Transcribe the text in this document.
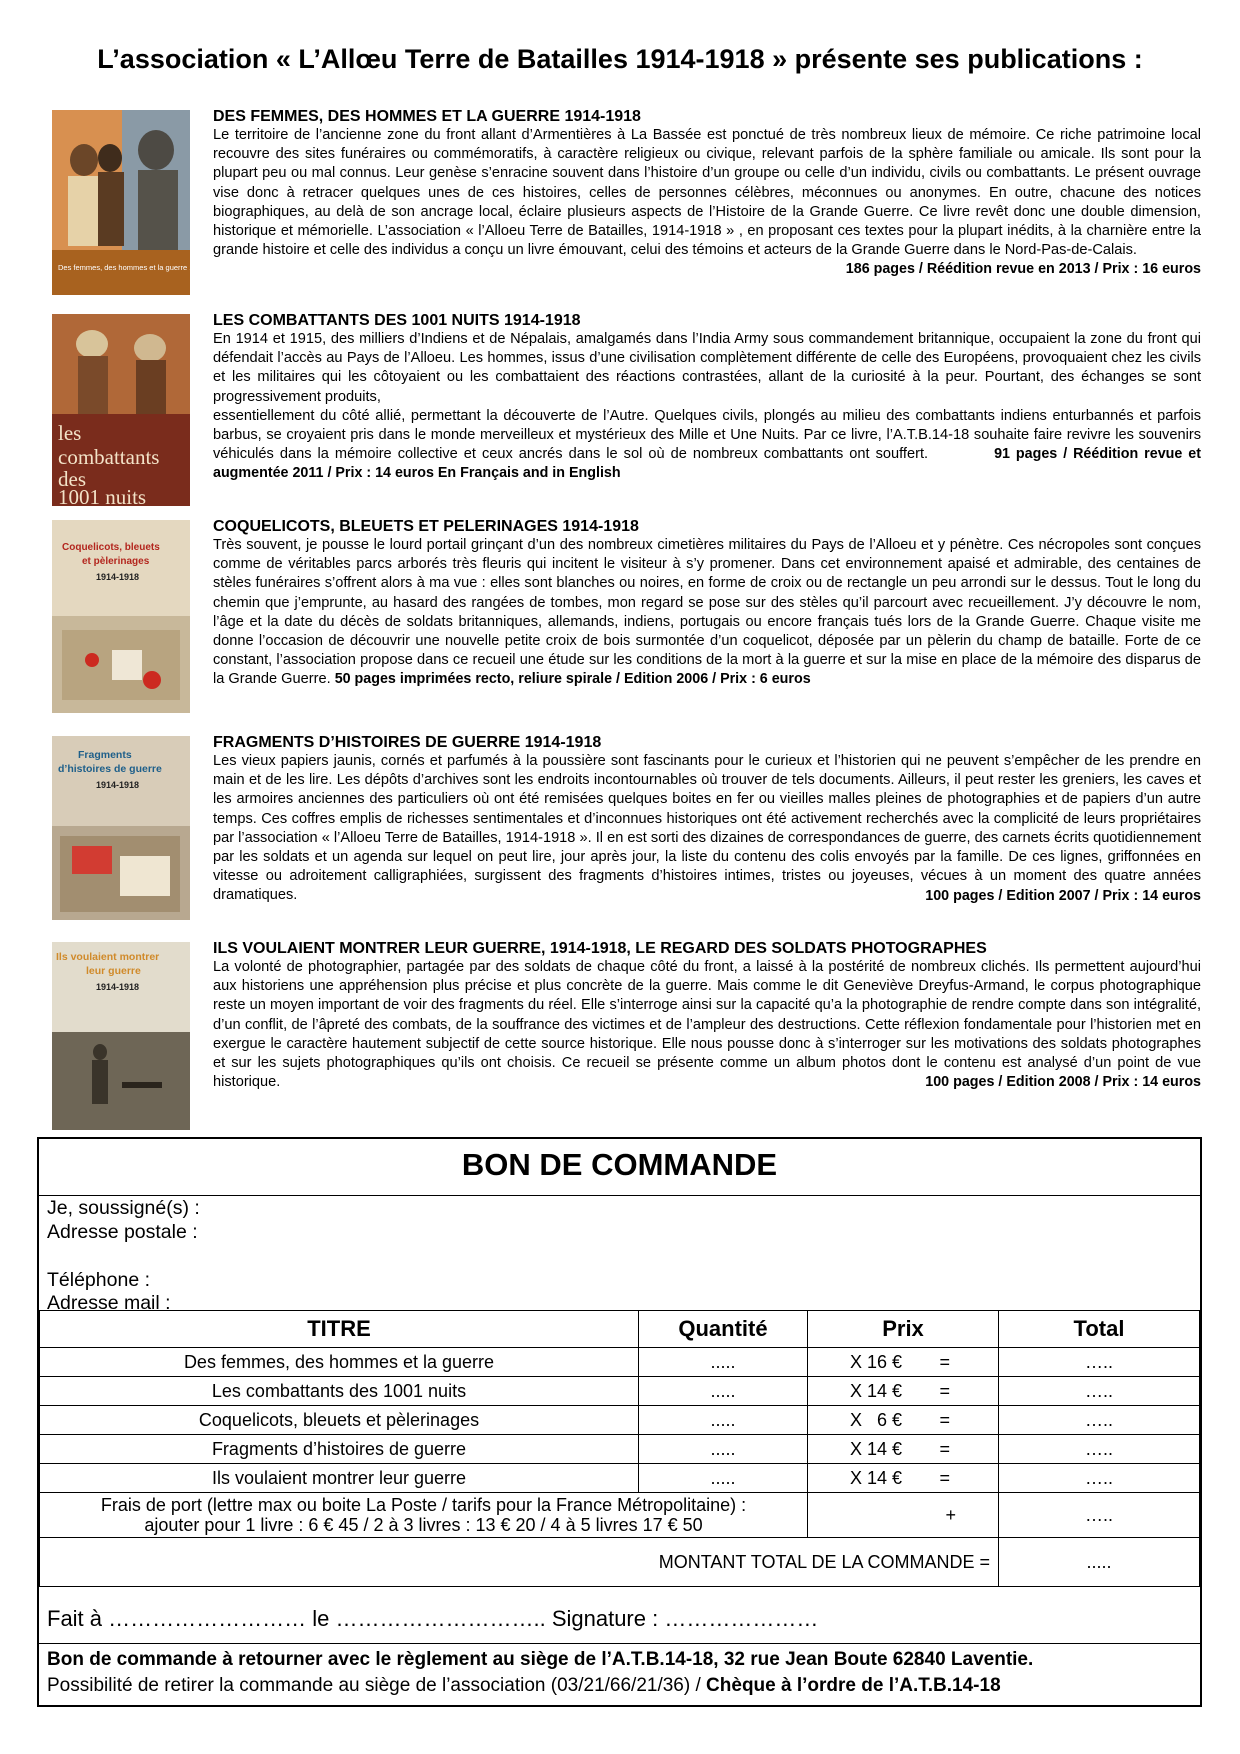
L’association « L’Allœu Terre de Batailles 1914-1918 » présente ses publications :
Des femmes, des hommes et la guerre 1914-1918
DES FEMMES, DES HOMMES ET LA GUERRE 1914-1918
Le territoire de l’ancienne zone du front allant d’Armentières à La Bassée est ponctué de très nombreux lieux de mémoire. Ce riche patrimoine local recouvre des sites funéraires ou commémoratifs, à caractère religieux ou civique, relevant parfois de la sphère familiale ou amicale. Ils sont pour la plupart peu ou mal connus. Leur genèse s’enracine souvent dans l’histoire d’un groupe ou celle d’un individu, civils ou combattants. Le présent ouvrage vise donc à retracer quelques unes de ces histoires, celles de personnes célèbres, méconnues ou anonymes. En outre, chacune des notices biographiques, au delà de son ancrage local, éclaire plusieurs aspects de l’Histoire de la Grande Guerre. Ce livre revêt donc une double dimension, historique et mémorielle. L’association « l’Alloeu Terre de Batailles, 1914-1918 » , en proposant ces textes pour la plupart inédits, à la charnière entre la grande histoire et celle des individus a conçu un livre émouvant, celui des témoins et acteurs de la Grande Guerre dans le Nord-Pas-de-Calais.
186 pages / Réédition revue en 2013 / Prix : 16 euros
les
combattants
des
1001 nuits
LES COMBATTANTS DES 1001 NUITS 1914-1918
En 1914 et 1915, des milliers d’Indiens et de Népalais, amalgamés dans l’India Army sous commandement britannique, occupaient la zone du front qui défendait l’accès au Pays de l’Alloeu. Les hommes, issus d’une civilisation complètement différente de celle des Européens, provoquaient chez les civils et les militaires qui les côtoyaient ou les combattaient des réactions contrastées, allant de la curiosité à la peur. Pourtant, des échanges se sont progressivement produits,
essentiellement du côté allié, permettant la découverte de l’Autre. Quelques civils, plongés au milieu des combattants indiens enturbannés et parfois barbus, se croyaient pris dans le monde merveilleux et mystérieux des Mille et Une Nuits. Par ce livre, l’A.T.B.14-18 souhaite faire revivre les souvenirs véhiculés dans la mémoire collective et ceux ancrés dans le sol où de nombreux combattants ont souffert.	91 pages / Réédition revue et augmentée 2011 / Prix : 14 euros En Français and in English
Coquelicots, bleuets
et pèlerinages
1914-1918
COQUELICOTS, BLEUETS ET PELERINAGES 1914-1918
Très souvent, je pousse le lourd portail grinçant d’un des nombreux cimetières militaires du Pays de l’Alloeu et y pénètre. Ces nécropoles sont conçues comme de véritables parcs arborés très fleuris qui incitent le visiteur à s’y promener. Dans cet environnement apaisé et admirable, des centaines de stèles funéraires s’offrent alors à ma vue : elles sont blanches ou noires, en forme de croix ou de rectangle un peu arrondi sur le dessus. Tout le long du chemin que j’emprunte, au hasard des rangées de tombes, mon regard se pose sur des stèles qu’il parcourt avec recueillement. J’y découvre le nom, l’âge et la date du décès de soldats britanniques, allemands, indiens, portugais ou encore français tués lors de la Grande Guerre. Chaque visite me donne l’occasion de découvrir une nouvelle petite croix de bois surmontée d’un coquelicot, déposée par un pèlerin du champ de bataille. Forte de ce constant, l’association propose dans ce recueil une étude sur les conditions de la mort à la guerre et sur la mise en place de la mémoire des disparus de la Grande Guerre. 50 pages imprimées recto, reliure spirale / Edition 2006 / Prix : 6 euros
Fragments
d’histoires de guerre
1914-1918
FRAGMENTS D’HISTOIRES DE GUERRE 1914-1918
Les vieux papiers jaunis, cornés et parfumés à la poussière sont fascinants pour le curieux et l’historien qui ne peuvent s’empêcher de les prendre en main et de les lire. Les dépôts d’archives sont les endroits incontournables où trouver de tels documents. Ailleurs, il peut rester les greniers, les caves et les armoires anciennes des particuliers où ont été remisées quelques boites en fer ou vieilles malles pleines de photographies et de papiers d’un autre temps. Ces coffres emplis de richesses sentimentales et d’inconnues historiques ont été activement recherchés avec la complicité de leurs propriétaires par l’association « l’Alloeu Terre de Batailles, 1914-1918 ». Il en est sorti des dizaines de correspondances de guerre, des carnets écrits quotidiennement par les soldats et un agenda sur lequel on peut lire, jour après jour, la liste du contenu des colis envoyés par la famille. De ces lignes, griffonnées en vitesse ou adroitement calligraphiées, surgissent des fragments d’histoires intimes, tristes ou joyeuses, vécues à un moment des quatre années dramatiques.	100 pages / Edition 2007 / Prix : 14 euros
Ils voulaient montrer
leur guerre
1914-1918
ILS VOULAIENT MONTRER LEUR GUERRE, 1914-1918, LE REGARD DES SOLDATS PHOTOGRAPHES
La volonté de photographier, partagée par des soldats de chaque côté du front, a laissé à la postérité de nombreux clichés. Ils permettent aujourd’hui aux historiens une appréhension plus précise et plus concrète de la guerre. Mais comme le dit Geneviève Dreyfus-Armand, le corpus photographique reste un moyen important de voir des fragments du réel. Elle s’interroge ainsi sur la capacité qu’a la photographie de rendre compte dans son intégralité, d’un conflit, de l’âpreté des combats, de la souffrance des victimes et de l’ampleur des destructions. Cette réflexion fondamentale pour l’historien met en exergue le caractère hautement subjectif de cette source historique. Elle nous pousse donc à s’interroger sur les motivations des soldats photographes et sur les sujets photographiques qu’ils ont choisis. Ce recueil se présente comme un album photos dont le contenu est analysé d’un point de vue historique.	100 pages / Edition 2008 / Prix : 14 euros
BON DE COMMANDE
Je, soussigné(s) :
Adresse postale :
Téléphone :
Adresse mail :
TITRE	Quantité	Prix	Total
Des femmes, des hommes et la guerre	.....	X 16 € =	…..
Les combattants des 1001 nuits	.....	X 14 € =	…..
Coquelicots, bleuets et pèlerinages	.....	X   6 € =	…..
Fragments d’histoires de guerre	.....	X 14 € =	…..
Ils voulaient montrer leur guerre	.....	X 14 € =	…..

Frais de port (lettre max ou boite La Poste / tarifs pour la France Métropolitaine) :
ajouter pour 1 livre : 6 € 45 / 2 à 3 livres : 13 € 20 / 4 à 5 livres 17 € 50		+	…..
MONTANT TOTAL DE LA COMMANDE =			.....
Fait à ……………………… le ……………………….. Signature : …………………
Bon de commande à retourner avec le règlement au siège de l’A.T.B.14-18, 32 rue Jean Boute 62840 Laventie.
Possibilité de retirer la commande au siège de l’association (03/21/66/21/36) / Chèque à l’ordre de l’A.T.B.14-18
